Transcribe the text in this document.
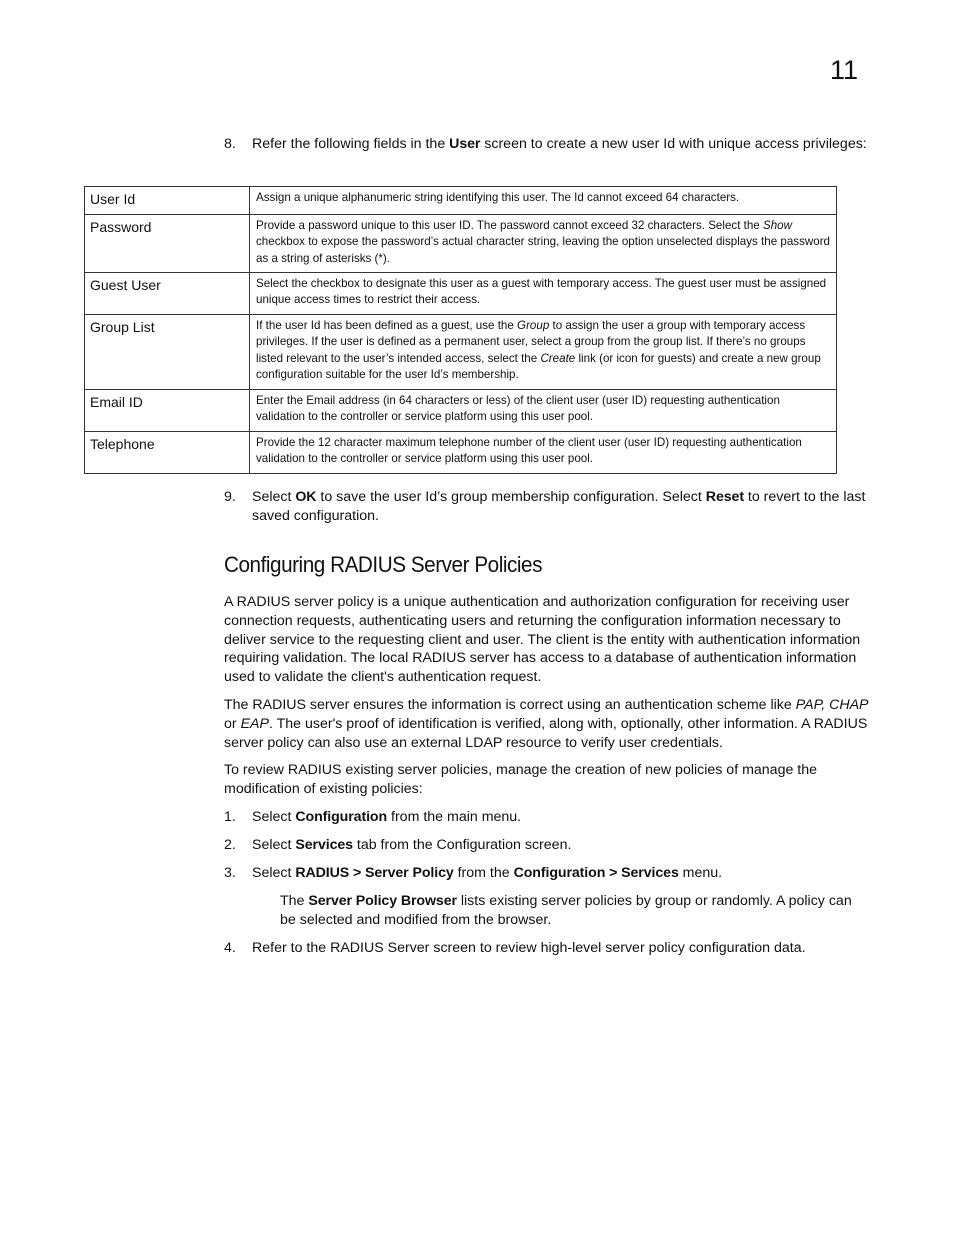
11
8. Refer the following fields in the User screen to create a new user Id with unique access privileges:
User Id	Assign a unique alphanumeric string identifying this user. The Id cannot exceed 64 characters.
Password	Provide a password unique to this user ID. The password cannot exceed 32 characters. Select the Show checkbox to expose the password’s actual character string, leaving the option unselected displays the password as a string of asterisks (*).
Guest User	Select the checkbox to designate this user as a guest with temporary access. The guest user must be assigned unique access times to restrict their access.
Group List	If the user Id has been defined as a guest, use the Group to assign the user a group with temporary access privileges. If the user is defined as a permanent user, select a group from the group list. If there’s no groups listed relevant to the user’s intended access, select the Create link (or icon for guests) and create a new group configuration suitable for the user Id’s membership.
Email ID	Enter the Email address (in 64 characters or less) of the client user (user ID) requesting authentication validation to the controller or service platform using this user pool.
Telephone	Provide the 12 character maximum telephone number of the client user (user ID) requesting authentication validation to the controller or service platform using this user pool.
9. Select OK to save the user Id’s group membership configuration. Select Reset to revert to the last saved configuration.
Configuring RADIUS Server Policies

A RADIUS server policy is a unique authentication and authorization configuration for receiving user connection requests, authenticating users and returning the configuration information necessary to deliver service to the requesting client and user. The client is the entity with authentication information requiring validation. The local RADIUS server has access to a database of authentication information used to validate the client's authentication request.

The RADIUS server ensures the information is correct using an authentication scheme like PAP, CHAP or EAP. The user's proof of identification is verified, along with, optionally, other information. A RADIUS server policy can also use an external LDAP resource to verify user credentials.

To review RADIUS existing server policies, manage the creation of new policies of manage the modification of existing policies:

1. Select Configuration from the main menu.
2. Select Services tab from the Configuration screen.
3. Select RADIUS > Server Policy from the Configuration > Services menu.

The Server Policy Browser lists existing server policies by group or randomly. A policy can be selected and modified from the browser.

4. Refer to the RADIUS Server screen to review high-level server policy configuration data.
